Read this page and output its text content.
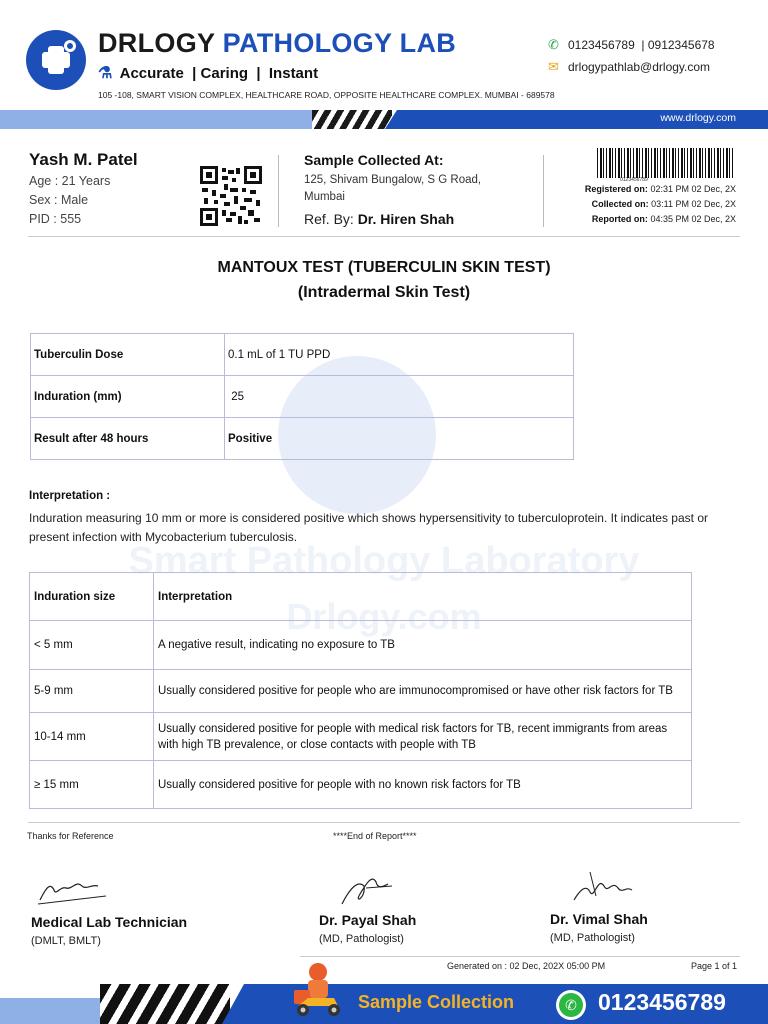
DRLOGY PATHOLOGY LAB
⚗ Accurate  | Caring  |  Instant
105 -108, SMART VISION COMPLEX, HEALTHCARE ROAD, OPPOSITE HEALTHCARE COMPLEX. MUMBAI - 689578
✆ 0123456789  | 0912345678
✉ drlogypathlab@drlogy.com
www.drlogy.com
Yash M. Patel
Age : 21 Years
Sex : Male
PID : 555
Sample Collected At:
125, Shivam Bungalow, S G Road,
Mumbai
Ref. By: Dr. Hiren Shah
0123456789
Registered on: 02:31 PM 02 Dec, 2X
Collected on: 03:11 PM 02 Dec, 2X
Reported on: 04:35 PM 02 Dec, 2X
Smart Pathology Laboratory
Drlogy.com
MANTOUX TEST (TUBERCULIN SKIN TEST)
(Intradermal Skin Test)
Tuberculin Dose	0.1 mL of 1 TU PPD
Induration (mm)	25
Result after 48 hours	Positive
Interpretation :
Induration measuring 10 mm or more is considered positive which shows hypersensitivity to tuberculoprotein. It indicates past or present infection with Mycobacterium tuberculosis.
Induration size	Interpretation
< 5 mm	A negative result, indicating no exposure to TB
5-9 mm	Usually considered positive for people who are immunocompromised or have other risk factors for TB
10-14 mm	Usually considered positive for people with medical risk factors for TB, recent immigrants from areas with high TB prevalence, or close contacts with people with TB
≥ 15 mm	Usually considered positive for people with no known risk factors for TB
Thanks for Reference	****End of Report****
Medical Lab Technician
(DMLT, BMLT)
Dr. Payal Shah
(MD, Pathologist)
Dr. Vimal Shah
(MD, Pathologist)
Generated on : 02 Dec, 202X 05:00 PM	Page 1 of 1
Sample Collection	✆ 0123456789
